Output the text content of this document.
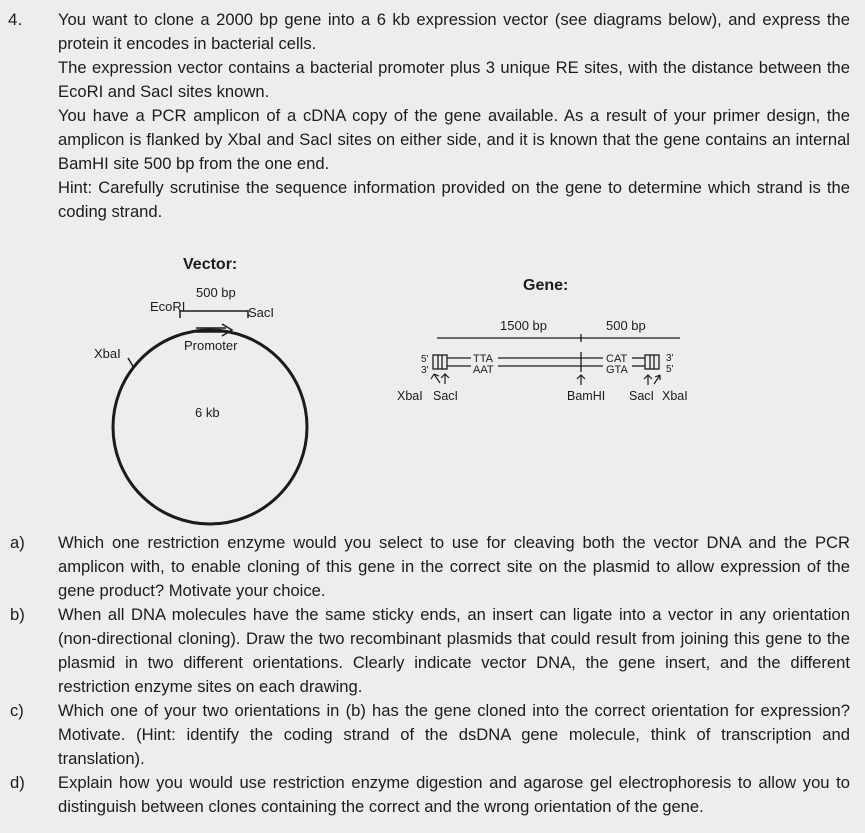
4. You want to clone a 2000 bp gene into a 6 kb expression vector (see diagrams below), and express the protein it encodes in bacterial cells.

The expression vector contains a bacterial promoter plus 3 unique RE sites, with the distance between the EcoRI and SacI sites known.

You have a PCR amplicon of a cDNA copy of the gene available. As a result of your primer design, the amplicon is flanked by XbaI and SacI sites on either side, and it is known that the gene contains an internal BamHI site 500 bp from the one end.

Hint: Carefully scrutinise the sequence information provided on the gene to determine which strand is the coding strand.

Vector:
500 bp
EcoRI	SacI
Promoter
XbaI
6 kb
Gene:
1500 bp	500 bp
5'
3'
TTA
AAT
CAT
GTA
3'
5'
XbaI SacI	BamHI SacI XbaI
a) Which one restriction enzyme would you select to use for cleaving both the vector DNA and the PCR amplicon with, to enable cloning of this gene in the correct site on the plasmid to allow expression of the gene product? Motivate your choice.
b) When all DNA molecules have the same sticky ends, an insert can ligate into a vector in any orientation (non-directional cloning). Draw the two recombinant plasmids that could result from joining this gene to the plasmid in two different orientations. Clearly indicate vector DNA, the gene insert, and the different restriction enzyme sites on each drawing.
c) Which one of your two orientations in (b) has the gene cloned into the correct orientation for expression? Motivate. (Hint: identify the coding strand of the dsDNA gene molecule, think of transcription and translation).
d) Explain how you would use restriction enzyme digestion and agarose gel electrophoresis to allow you to distinguish between clones containing the correct and the wrong orientation of the gene.
